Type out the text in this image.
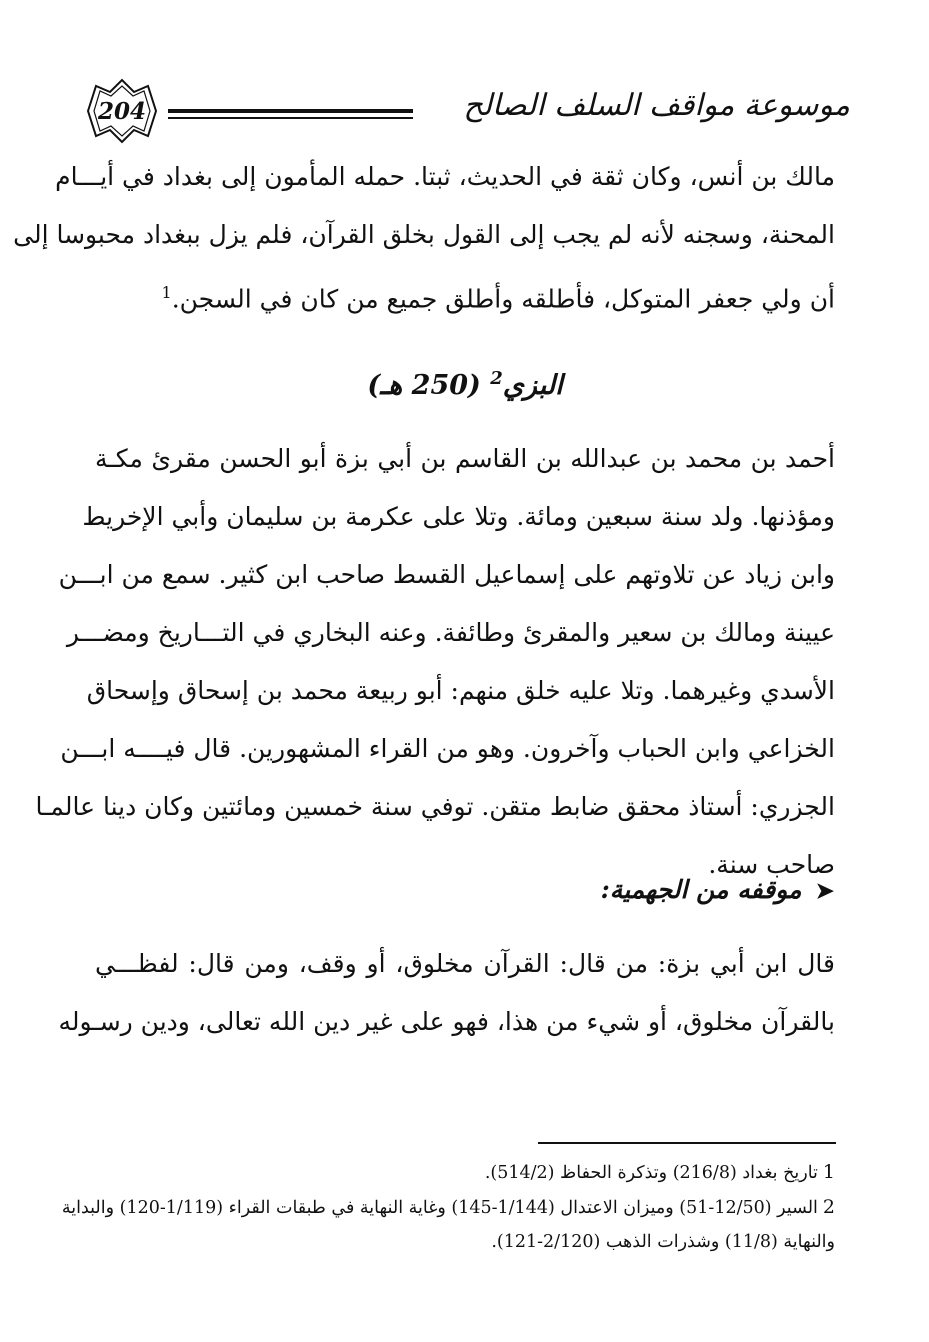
204	موسوعة مواقف السلف الصالح
مالك بن أنس، وكان ثقة في الحديث، ثبتا. حمله المأمون إلى بغداد في أيـــام
المحنة، وسجنه لأنه لم يجب إلى القول بخلق القرآن، فلم يزل ببغداد محبوسا إلى
أن ولي جعفر المتوكل، فأطلقه وأطلق جميع من كان في السجن.$^1$
البزي$^2$ (250 هـ)
أحمد بن محمد بن عبدالله بن القاسم بن أبي بزة أبو الحسن مقرئ مكـة
ومؤذنها. ولد سنة سبعين ومائة. وتلا على عكرمة بن سليمان وأبي الإخريط
وابن زياد عن تلاوتهم على إسماعيل القسط صاحب ابن كثير. سمع من ابـــن
عيينة ومالك بن سعير والمقرئ وطائفة. وعنه البخاري في التـــاريخ ومضـــر
الأسدي وغيرهما. وتلا عليه خلق منهم: أبو ربيعة محمد بن إسحاق وإسحاق
الخزاعي وابن الحباب وآخرون. وهو من القراء المشهورين. قال فيــــه ابـــن
الجزري: أستاذ محقق ضابط متقن. توفي سنة خمسين ومائتين وكان دينا عالمـا
صاحب سنة.
➤موقفه من الجهمية:
قال ابن أبي بزة: من قال: القرآن مخلوق، أو وقف، ومن قال: لفظـــي
بالقرآن مخلوق، أو شيء من هذا، فهو على غير دين الله تعالى، ودين رسـوله
1تاريخ بغداد (216/8) وتذكرة الحفاظ (514/2).
2السير (12/50-51) وميزان الاعتدال (1/144-145) وغاية النهاية في طبقات القراء (1/119-120) والبداية
والنهاية (11/8) وشذرات الذهب (2/120-121).
